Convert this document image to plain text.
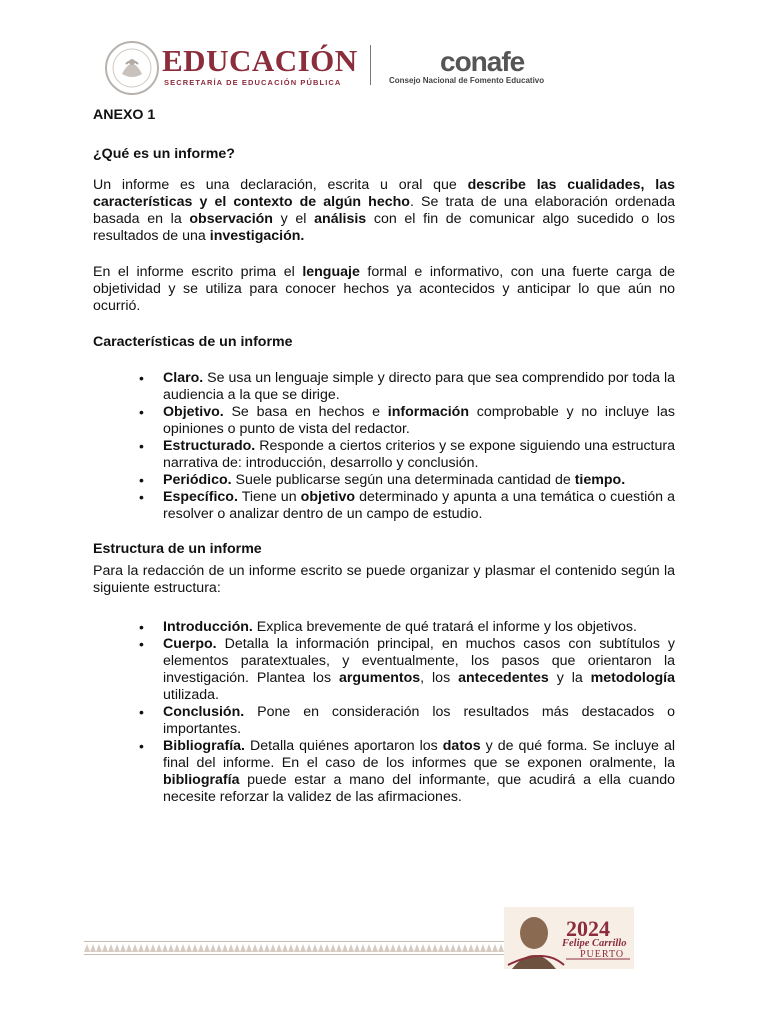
EDUCACIÓN
SECRETARÍA DE EDUCACIÓN PÚBLICA
conafe
Consejo Nacional de Fomento Educativo

ANEXO 1

¿Qué es un informe?

Un informe es una declaración, escrita u oral que describe las cualidades, las características y el contexto de algún hecho. Se trata de una elaboración ordenada basada en la observación y el análisis con el fin de comunicar algo sucedido o los resultados de una investigación.

En el informe escrito prima el lenguaje formal e informativo, con una fuerte carga de objetividad y se utiliza para conocer hechos ya acontecidos y anticipar lo que aún no ocurrió.

Características de un informe

• Claro. Se usa un lenguaje simple y directo para que sea comprendido por toda la audiencia a la que se dirige.
• Objetivo. Se basa en hechos e información comprobable y no incluye las opiniones o punto de vista del redactor.
• Estructurado. Responde a ciertos criterios y se expone siguiendo una estructura narrativa de: introducción, desarrollo y conclusión.
• Periódico. Suele publicarse según una determinada cantidad de tiempo.
• Específico. Tiene un objetivo determinado y apunta a una temática o cuestión a resolver o analizar dentro de un campo de estudio.

Estructura de un informe

Para la redacción de un informe escrito se puede organizar y plasmar el contenido según la siguiente estructura:

• Introducción. Explica brevemente de qué tratará el informe y los objetivos.
• Cuerpo. Detalla la información principal, en muchos casos con subtítulos y elementos paratextuales, y eventualmente, los pasos que orientaron la investigación. Plantea los argumentos, los antecedentes y la metodología utilizada.
• Conclusión. Pone en consideración los resultados más destacados o importantes.
• Bibliografía. Detalla quiénes aportaron los datos y de qué forma. Se incluye al final del informe. En el caso de los informes que se exponen oralmente, la bibliografía puede estar a mano del informante, que acudirá a ella cuando necesite reforzar la validez de las afirmaciones.
2024
Felipe Carrillo
PUERTO
